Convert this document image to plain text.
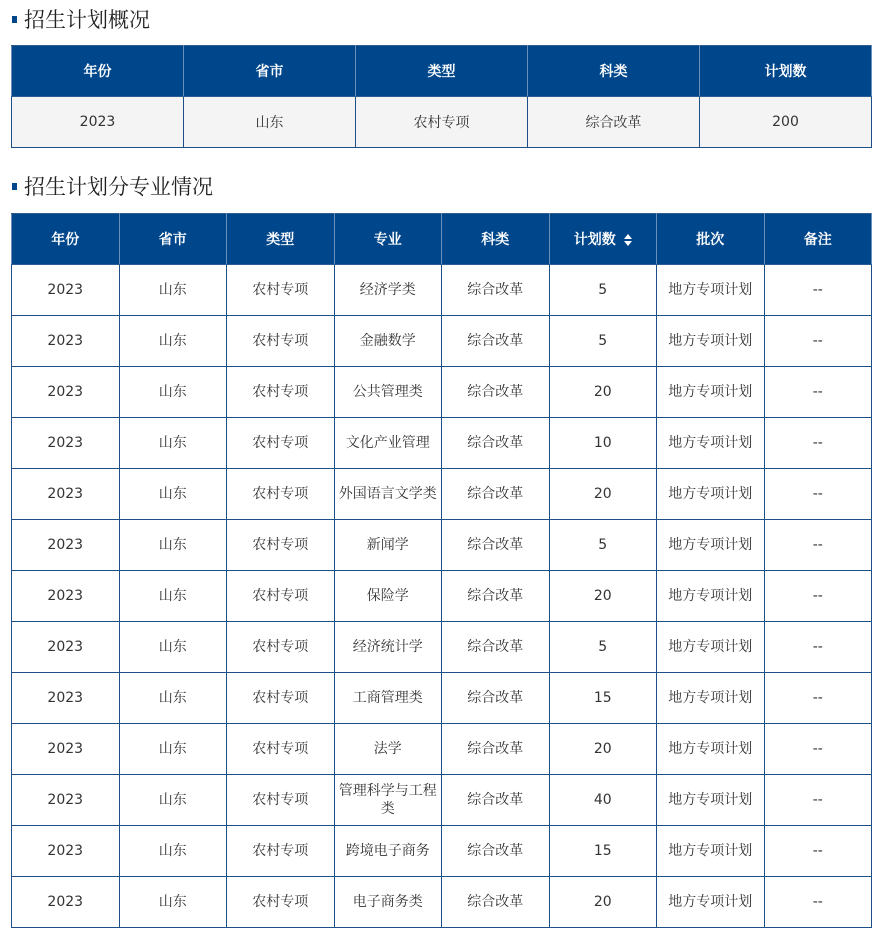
招生计划概况
年份	省市	类型	科类	计划数
2023	山东	农村专项	综合改革	200
招生计划分专业情况
年份	省市	类型	专业	科类	计划数	批次	备注
2023	山东	农村专项	经济学类	综合改革	5	地方专项计划	--
2023	山东	农村专项	金融数学	综合改革	5	地方专项计划	--
2023	山东	农村专项	公共管理类	综合改革	20	地方专项计划	--
2023	山东	农村专项	文化产业管理	综合改革	10	地方专项计划	--
2023	山东	农村专项	外国语言文学类	综合改革	20	地方专项计划	--
2023	山东	农村专项	新闻学	综合改革	5	地方专项计划	--
2023	山东	农村专项	保险学	综合改革	20	地方专项计划	--
2023	山东	农村专项	经济统计学	综合改革	5	地方专项计划	--
2023	山东	农村专项	工商管理类	综合改革	15	地方专项计划	--
2023	山东	农村专项	法学	综合改革	20	地方专项计划	--
2023	山东	农村专项	管理科学与工程类	综合改革	40	地方专项计划	--
2023	山东	农村专项	跨境电子商务	综合改革	15	地方专项计划	--
2023	山东	农村专项	电子商务类	综合改革	20	地方专项计划	--
